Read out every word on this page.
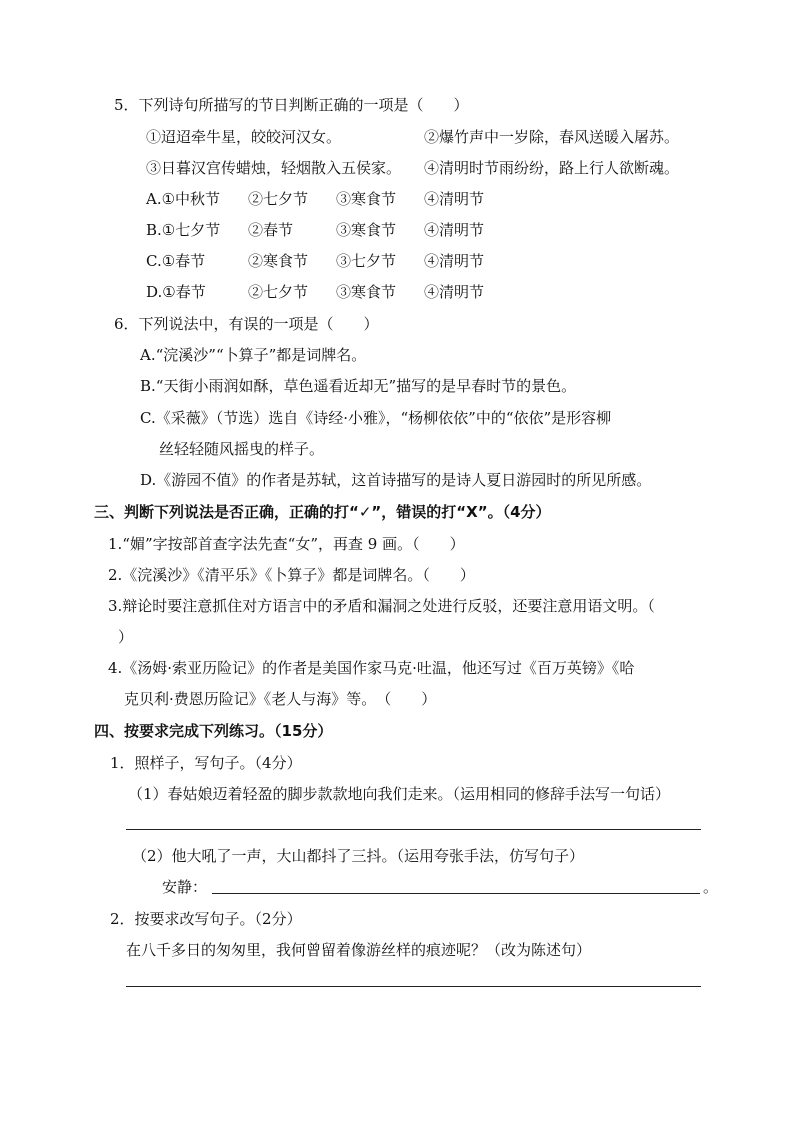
5．下列诗句所描写的节日判断正确的一项是（　　）
①迢迢牵牛星，皎皎河汉女。	②爆竹声中一岁除，春风送暖入屠苏。
③日暮汉宫传蜡烛，轻烟散入五侯家。 ④清明时节雨纷纷，路上行人欲断魂。
A.①中秋节 ②七夕节 ③寒食节 ④清明节
B.①七夕节 ②春节	③寒食节 ④清明节
C.①春节	②寒食节 ③七夕节 ④清明节
D.①春节	②七夕节 ③寒食节 ④清明节
6．下列说法中，有误的一项是（　　）
A.“浣溪沙”“卜算子”都是词牌名。
B.“天街小雨润如酥，草色遥看近却无”描写的是早春时节的景色。
C.《采薇》（节选）选自《诗经·小雅》，“杨柳依依”中的“依依”是形容柳
丝轻轻随风摇曳的样子。
D.《游园不值》的作者是苏轼，这首诗描写的是诗人夏日游园时的所见所感。
三、判断下列说法是否正确，正确的打“✓”，错误的打“X”。（4分）
1.“媚”字按部首查字法先查“女”，再查 9 画。（　　）
2.《浣溪沙》《清平乐》《卜算子》都是词牌名。（　　）
3.辩论时要注意抓住对方语言中的矛盾和漏洞之处进行反驳，还要注意用语文明。（
）
4.《汤姆·索亚历险记》的作者是美国作家马克·吐温，他还写过《百万英镑》《哈
克贝利·费恩历险记》《老人与海》等。　（　　）
四、按要求完成下列练习。（15分）
1．照样子，写句子。（4分）
（1）春姑娘迈着轻盈的脚步款款地向我们走来。（运用相同的修辞手法写一句话）
（2）他大吼了一声，大山都抖了三抖。（运用夸张手法，仿写句子）
安静：	。
2．按要求改写句子。（2分）
在八千多日的匆匆里，我何曾留着像游丝样的痕迹呢？（改为陈述句）
